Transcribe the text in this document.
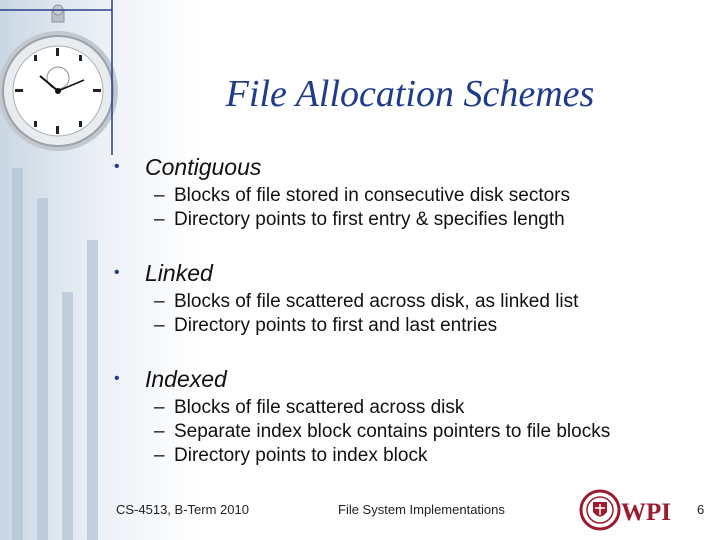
File Allocation Schemes
• Contiguous
– Blocks of file stored in consecutive disk sectors
– Directory points to first entry & specifies length
• Linked
– Blocks of file scattered across disk, as linked list
– Directory points to first and last entries
• Indexed
– Blocks of file scattered across disk
– Separate index block contains pointers to file blocks
– Directory points to index block
CS-4513, B-Term 2010	File System Implementations	6
WPI
